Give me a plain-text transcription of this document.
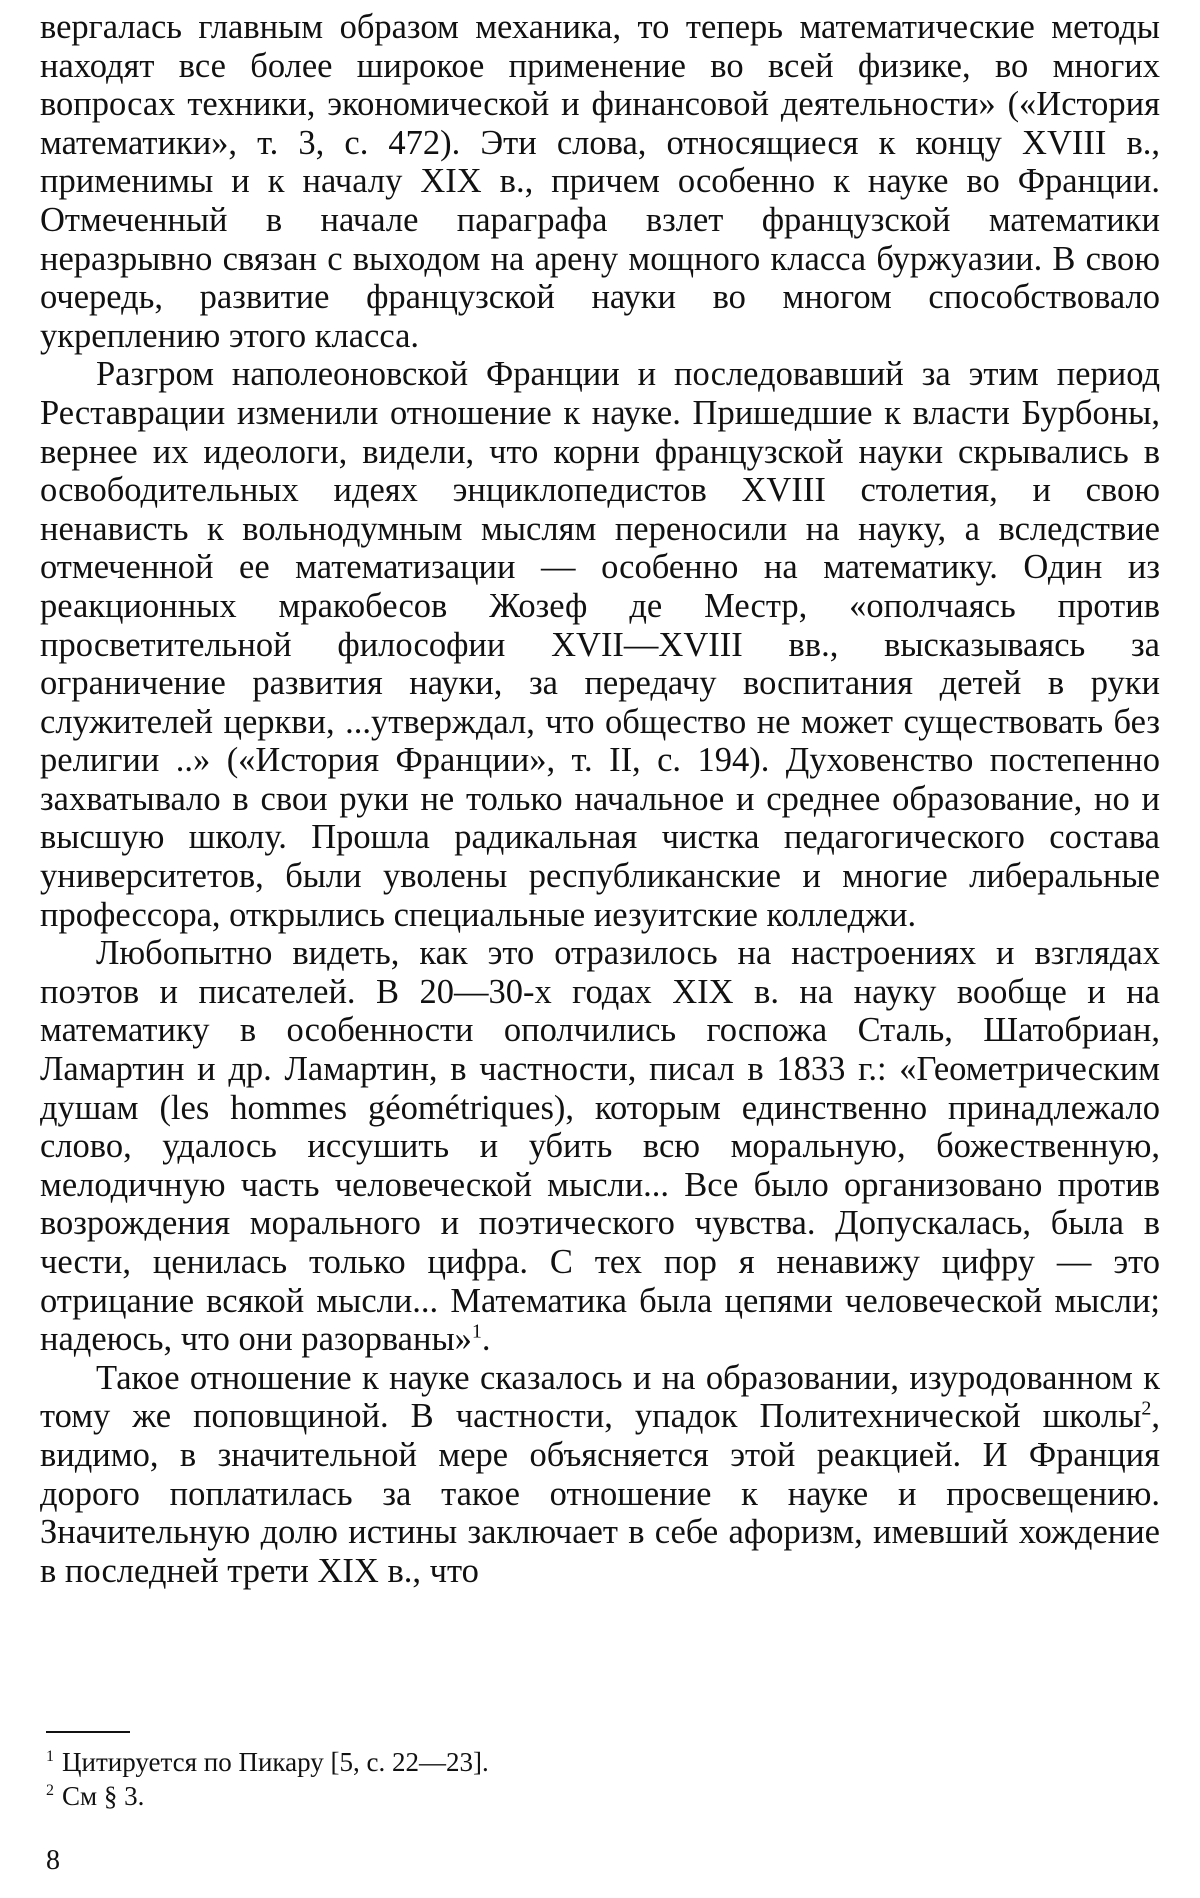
вергалась главным образом механика, то теперь математические методы находят все более широкое применение во всей физике, во многих вопросах техники, экономической и финансовой деятельности» («История математики», т. 3, с. 472). Эти слова, относящиеся к концу XVIII в., применимы и к началу XIX в., причем особенно к науке во Франции. Отмеченный в начале параграфа взлет французской математики неразрывно связан с выходом на арену мощного класса буржуазии. В свою очередь, развитие французской науки во многом способствовало укреплению этого класса.

Разгром наполеоновской Франции и последовавший за этим период Реставрации изменили отношение к науке. Пришедшие к власти Бурбоны, вернее их идеологи, видели, что корни французской науки скрывались в освободительных идеях энциклопедистов XVIII столетия, и свою ненависть к вольнодумным мыслям переносили на науку, а вследствие отмеченной ее математизации — особенно на математику. Один из реакционных мракобесов Жозеф де Местр, «ополчаясь против просветительной философии XVII—XVIII вв., высказываясь за ограничение развития науки, за передачу воспитания детей в руки служителей церкви, ...утверждал, что общество не может существовать без религии ..» («История Франции», т. II, с. 194). Духовенство постепенно захватывало в свои руки не только начальное и среднее образование, но и высшую школу. Прошла радикальная чистка педагогического состава университетов, были уволены республиканские и многие либеральные профессора, открылись специальные иезуитские колледжи.

Любопытно видеть, как это отразилось на настроениях и взглядах поэтов и писателей. В 20—30-х годах XIX в. на науку вообще и на математику в особенности ополчились госпожа Сталь, Шатобриан, Ламартин и др. Ламартин, в частности, писал в 1833 г.: «Геометрическим душам (les hommes géométriques), которым единственно принадлежало слово, удалось иссушить и убить всю моральную, божественную, мелодичную часть человеческой мысли... Все было организовано против возрождения морального и поэтического чувства. Допускалась, была в чести, ценилась только цифра. С тех пор я ненавижу цифру — это отрицание всякой мысли... Математика была цепями человеческой мысли; надеюсь, что они разорваны»$^1$.

Такое отношение к науке сказалось и на образовании, изуродованном к тому же поповщиной. В частности, упадок Политехнической школы$^2$, видимо, в значительной мере объясняется этой реакцией. И Франция дорого поплатилась за такое отношение к науке и просвещению. Значительную долю истины заключает в себе афоризм, имевший хождение в последней трети XIX в., что

$^1$ Цитируется по Пикару [5, с. 22—23].
$^2$ См § 3.
8
